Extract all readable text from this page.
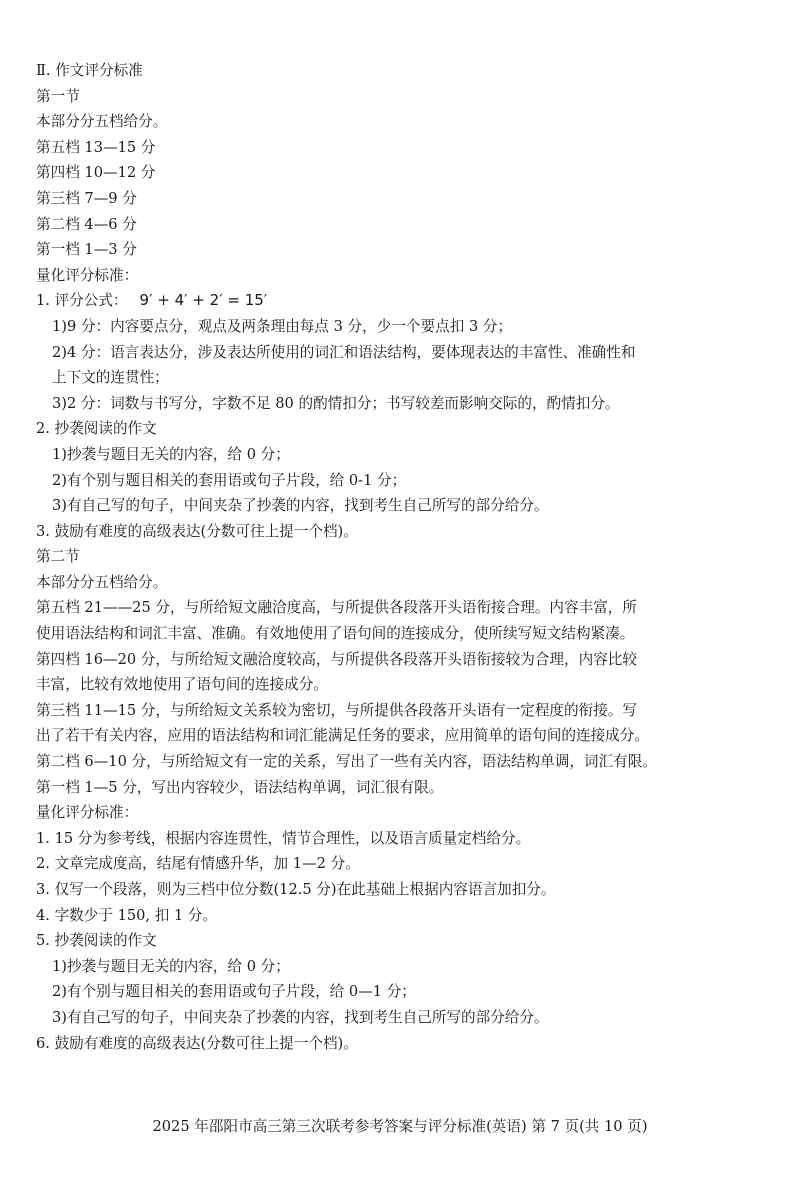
Ⅱ. 作文评分标准
第一节
本部分分五档给分。
第五档 13—15 分
第四档 10—12 分
第三档 7—9 分
第二档 4—6 分
第一档 1—3 分
量化评分标准：
1. 评分公式： 9′ + 4′ + 2′ = 15′
1)9 分：内容要点分，观点及两条理由每点 3 分，少一个要点扣 3 分；
2)4 分：语言表达分，涉及表达所使用的词汇和语法结构，要体现表达的丰富性、准确性和
上下文的连贯性；
3)2 分：词数与书写分，字数不足 80 的酌情扣分；书写较差而影响交际的，酌情扣分。
2. 抄袭阅读的作文
1)抄袭与题目无关的内容，给 0 分；
2)有个别与题目相关的套用语或句子片段，给 0-1 分；
3)有自己写的句子，中间夹杂了抄袭的内容，找到考生自己所写的部分给分。
3. 鼓励有难度的高级表达(分数可往上提一个档)。
第二节
本部分分五档给分。
第五档 21——25 分，与所给短文融洽度高，与所提供各段落开头语衔接合理。内容丰富，所
使用语法结构和词汇丰富、准确。有效地使用了语句间的连接成分，使所续写短文结构紧凑。
第四档 16—20 分，与所给短文融洽度较高，与所提供各段落开头语衔接较为合理，内容比较
丰富，比较有效地使用了语句间的连接成分。
第三档 11—15 分，与所给短文关系较为密切，与所提供各段落开头语有一定程度的衔接。写
出了若干有关内容，应用的语法结构和词汇能满足任务的要求，应用简单的语句间的连接成分。
第二档 6—10 分，与所给短文有一定的关系，写出了一些有关内容，语法结构单调，词汇有限。
第一档 1—5 分，写出内容较少，语法结构单调，词汇很有限。
量化评分标准：
1. 15 分为参考线，根据内容连贯性，情节合理性，以及语言质量定档给分。
2. 文章完成度高，结尾有情感升华，加 1—2 分。
3. 仅写一个段落，则为三档中位分数(12.5 分)在此基础上根据内容语言加扣分。
4. 字数少于 150, 扣 1 分。
5. 抄袭阅读的作文
1)抄袭与题目无关的内容，给 0 分；
2)有个别与题目相关的套用语或句子片段，给 0—1 分；
3)有自己写的句子，中间夹杂了抄袭的内容，找到考生自己所写的部分给分。
6. 鼓励有难度的高级表达(分数可往上提一个档)。
2025 年邵阳市高三第三次联考参考答案与评分标准(英语) 第 7 页(共 10 页)
